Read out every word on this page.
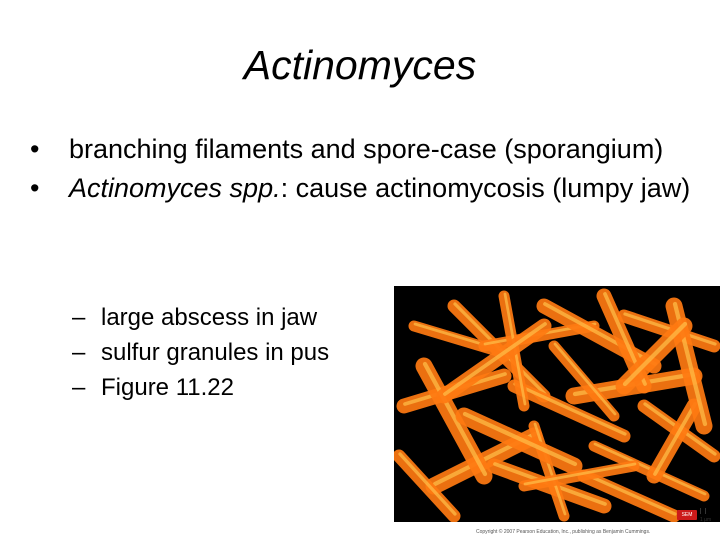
Actinomyces
• branching filaments and spore-case (sporangium)
• Actinomyces spp.: cause actinomycosis (lumpy jaw)
– large abscess in jaw
– sulfur granules in pus
– Figure 11.22
SEM
1 μm
Copyright © 2007 Pearson Education, Inc., publishing as Benjamin Cummings.
